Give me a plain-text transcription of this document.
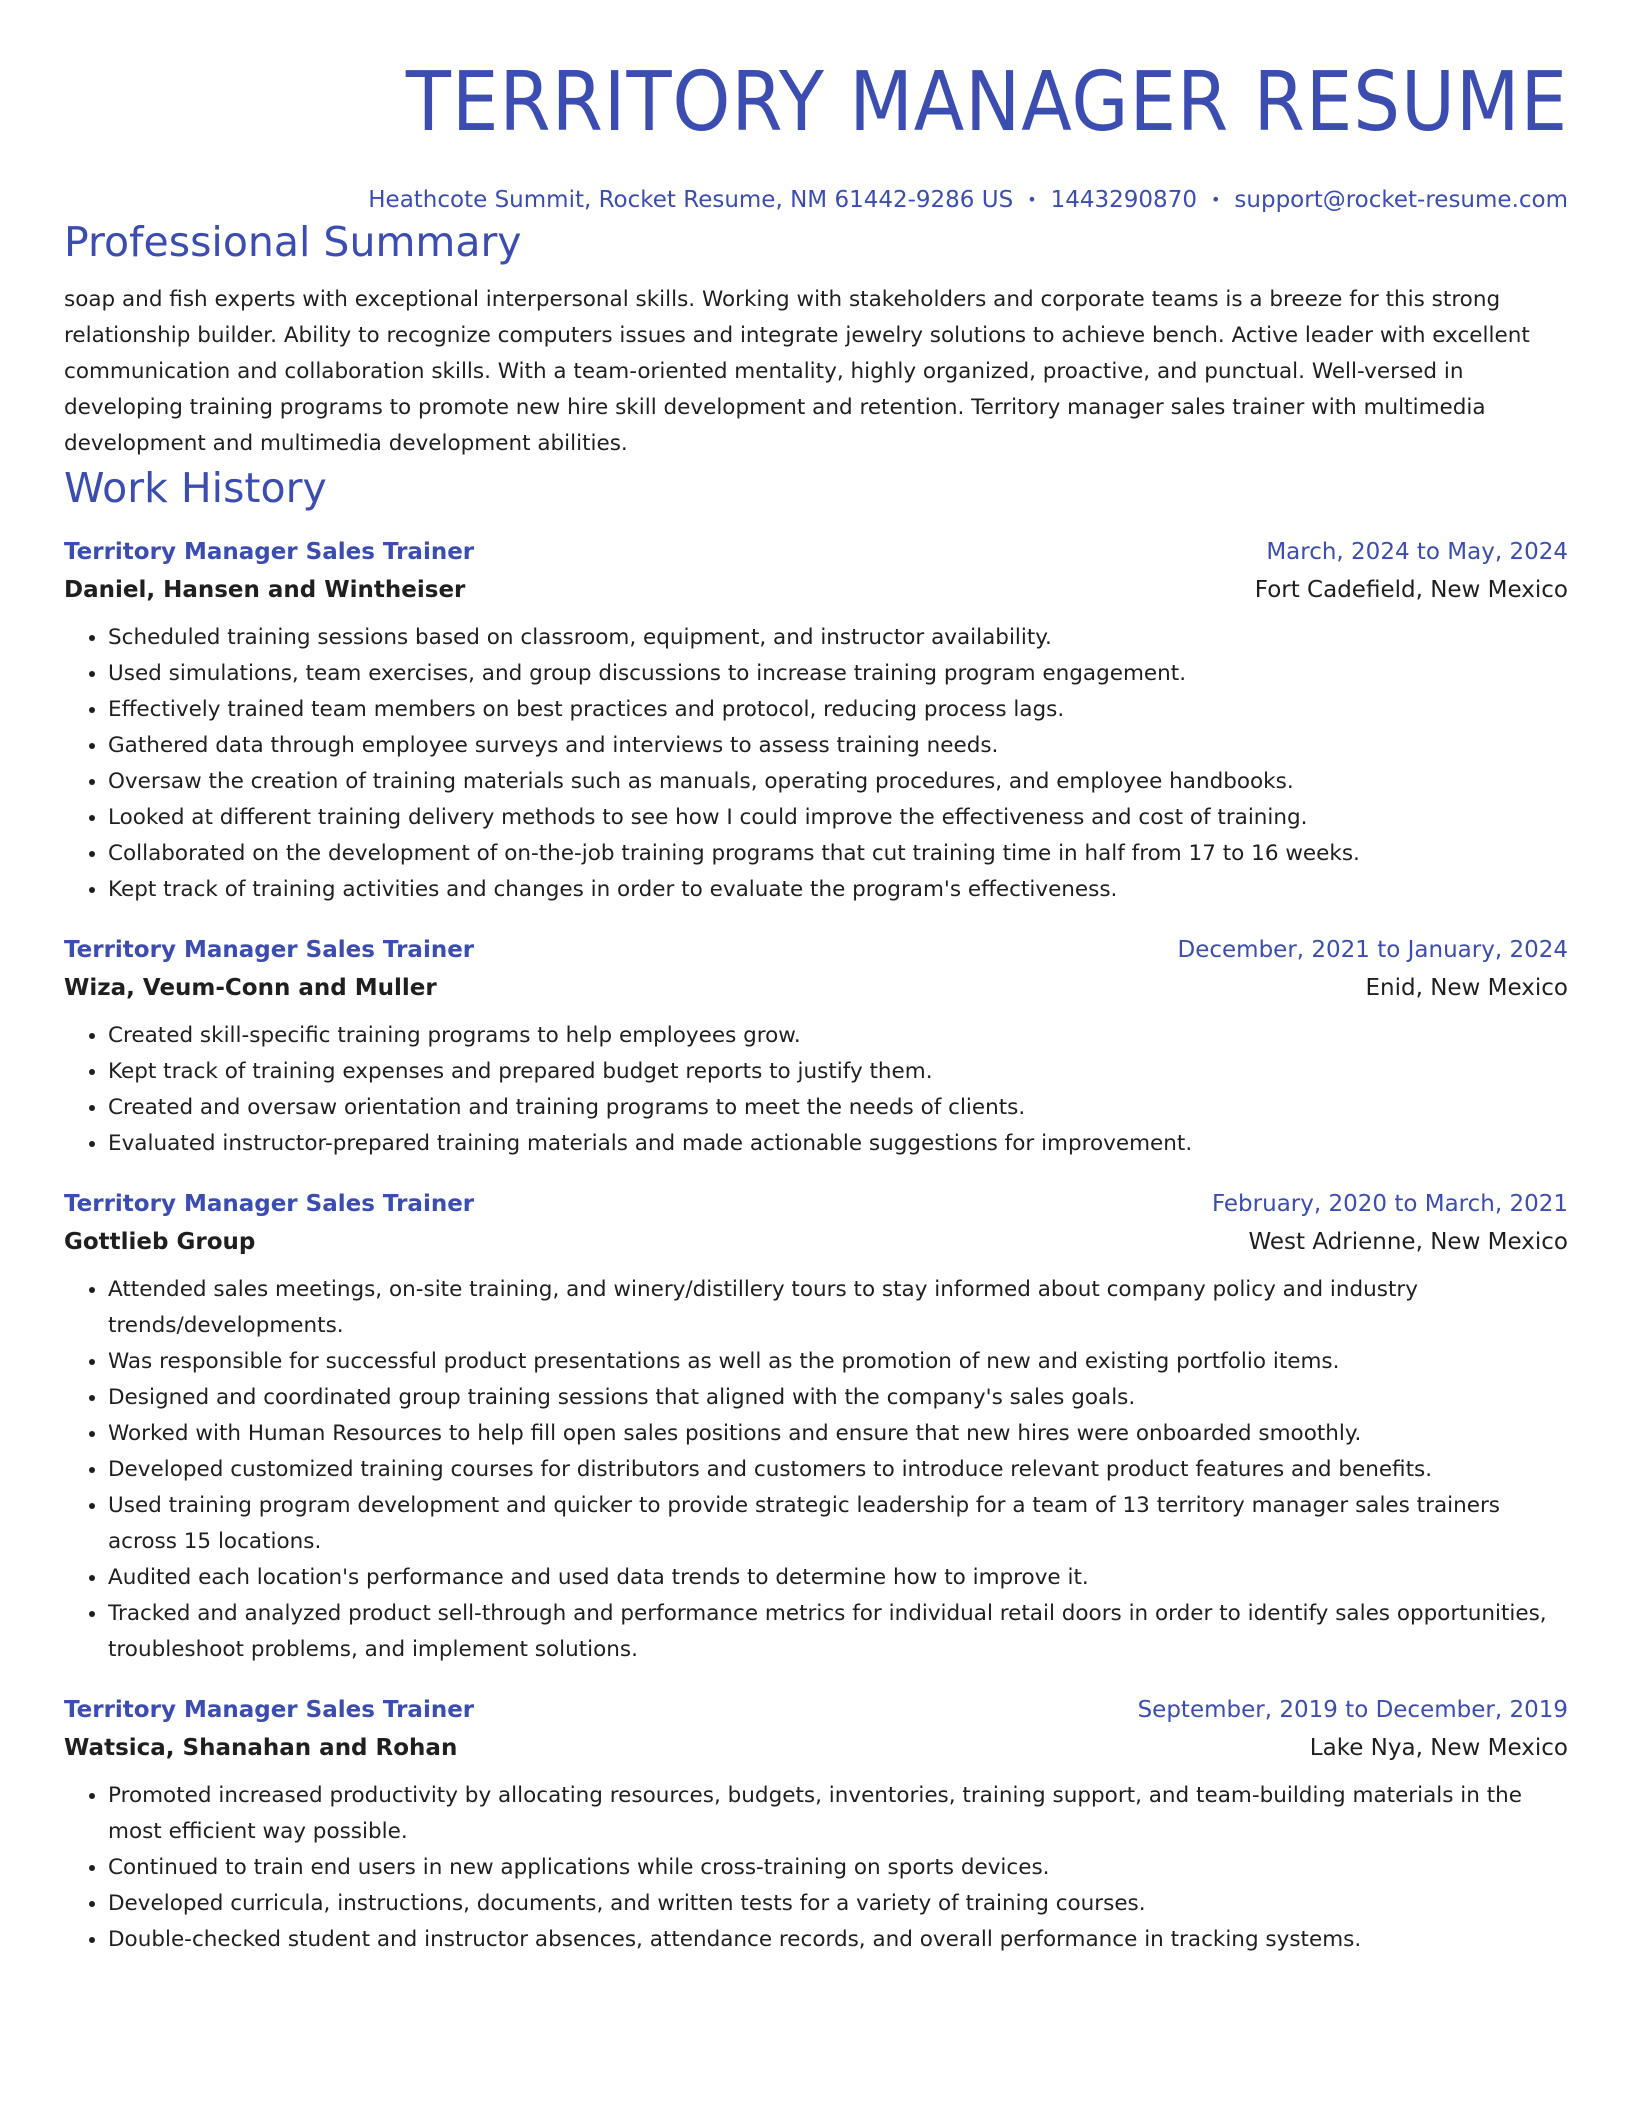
TERRITORY MANAGER RESUME
Heathcote Summit, Rocket Resume, NM 61442-9286 US • 1443290870 • support@rocket-resume.com
Professional Summary

soap and fish experts with exceptional interpersonal skills. Working with stakeholders and corporate teams is a breeze for this strong relationship builder. Ability to recognize computers issues and integrate jewelry solutions to achieve bench. Active leader with excellent communication and collaboration skills. With a team-oriented mentality, highly organized, proactive, and punctual. Well-versed in developing training programs to promote new hire skill development and retention. Territory manager sales trainer with multimedia development and multimedia development abilities.

Work History
Territory Manager Sales Trainer	March, 2024 to May, 2024
Daniel, Hansen and Wintheiser	Fort Cadefield, New Mexico
• Scheduled training sessions based on classroom, equipment, and instructor availability.
• Used simulations, team exercises, and group discussions to increase training program engagement.
• Effectively trained team members on best practices and protocol, reducing process lags.
• Gathered data through employee surveys and interviews to assess training needs.
• Oversaw the creation of training materials such as manuals, operating procedures, and employee handbooks.
• Looked at different training delivery methods to see how I could improve the effectiveness and cost of training.
• Collaborated on the development of on-the-job training programs that cut training time in half from 17 to 16 weeks.
• Kept track of training activities and changes in order to evaluate the program's effectiveness.
Territory Manager Sales Trainer	December, 2021 to January, 2024
Wiza, Veum-Conn and Muller	Enid, New Mexico
• Created skill-specific training programs to help employees grow.
• Kept track of training expenses and prepared budget reports to justify them.
• Created and oversaw orientation and training programs to meet the needs of clients.
• Evaluated instructor-prepared training materials and made actionable suggestions for improvement.
Territory Manager Sales Trainer	February, 2020 to March, 2021
Gottlieb Group	West Adrienne, New Mexico
• Attended sales meetings, on-site training, and winery/distillery tours to stay informed about company policy and industry trends/developments.
• Was responsible for successful product presentations as well as the promotion of new and existing portfolio items.
• Designed and coordinated group training sessions that aligned with the company's sales goals.
• Worked with Human Resources to help fill open sales positions and ensure that new hires were onboarded smoothly.
• Developed customized training courses for distributors and customers to introduce relevant product features and benefits.
• Used training program development and quicker to provide strategic leadership for a team of 13 territory manager sales trainers across 15 locations.
• Audited each location's performance and used data trends to determine how to improve it.
• Tracked and analyzed product sell-through and performance metrics for individual retail doors in order to identify sales opportunities, troubleshoot problems, and implement solutions.
Territory Manager Sales Trainer	September, 2019 to December, 2019
Watsica, Shanahan and Rohan	Lake Nya, New Mexico
• Promoted increased productivity by allocating resources, budgets, inventories, training support, and team-building materials in the most efficient way possible.
• Continued to train end users in new applications while cross-training on sports devices.
• Developed curricula, instructions, documents, and written tests for a variety of training courses.
• Double-checked student and instructor absences, attendance records, and overall performance in tracking systems.
